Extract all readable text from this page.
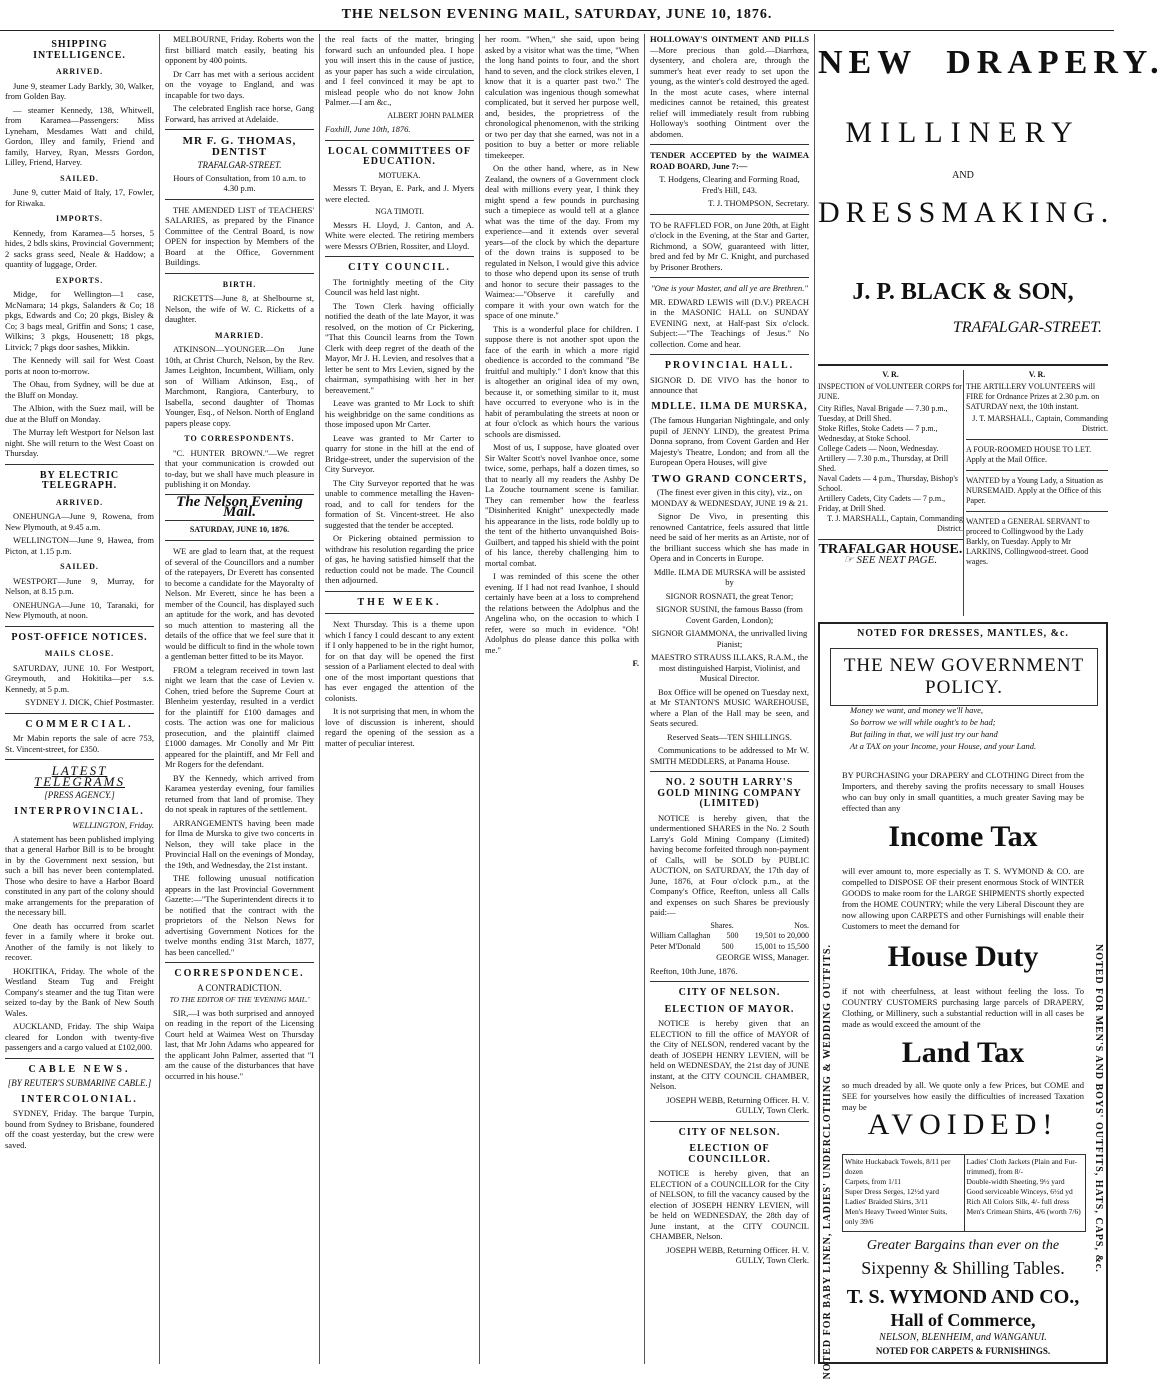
THE NELSON EVENING MAIL, SATURDAY, JUNE 10, 1876.
SHIPPING INTELLIGENCE.
ARRIVED.

June 9, steamer Lady Barkly, 30, Walker, from Golden Bay.

— steamer Kennedy, 138, Whitwell, from Karamea—Passengers: Miss Lyneham, Mesdames Watt and child, Gordon, Illey and family, Friend and family, Harvey, Ryan, Messrs Gordon, Lilley, Friend, Harvey.

SAILED.

June 9, cutter Maid of Italy, 17, Fowler, for Riwaka.

IMPORTS.

Kennedy, from Karamea—5 horses, 5 hides, 2 bdls skins, Provincial Government; 2 sacks grass seed, Neale & Haddow; a quantity of luggage, Order.

EXPORTS.

Midge, for Wellington—1 case, McNamara; 14 pkgs, Salanders & Co; 18 pkgs, Edwards and Co; 20 pkgs, Bisley & Co; 3 bags meal, Griffin and Sons; 1 case, Wilkins; 3 pkgs, Housenett; 18 pkgs, Litvick; 7 pkgs door sashes, Mikkin.

The Kennedy will sail for West Coast ports at noon to-morrow.

The Ohau, from Sydney, will be due at the Bluff on Monday.

The Albion, with the Suez mail, will be due at the Bluff on Monday.

The Murray left Westport for Nelson last night. She will return to the West Coast on Thursday.

BY ELECTRIC TELEGRAPH.
ARRIVED.

ONEHUNGA—June 9, Rowena, from New Plymouth, at 9.45 a.m.

WELLINGTON—June 9, Hawea, from Picton, at 1.15 p.m.

SAILED.

WESTPORT—June 9, Murray, for Nelson, at 8.15 p.m.

ONEHUNGA—June 10, Taranaki, for New Plymouth, at noon.

POST-OFFICE NOTICES.
MAILS CLOSE.

SATURDAY, JUNE 10. For Westport, Greymouth, and Hokitika—per s.s. Kennedy, at 5 p.m.

SYDNEY J. DICK, Chief Postmaster.

COMMERCIAL.

Mr Mabin reports the sale of acre 753, St. Vincent-street, for £350.

LATEST TELEGRAMS
[PRESS AGENCY.]
INTERPROVINCIAL.

WELLINGTON, Friday.

A statement has been published implying that a general Harbor Bill is to be brought in by the Government next session, but such a bill has never been contemplated. Those who desire to have a Harbor Board constituted in any part of the colony should make arrangements for the preparation of the necessary bill.

One death has occurred from scarlet fever in a family where it broke out. Another of the family is not likely to recover.

HOKITIKA, Friday. The whole of the Westland Steam Tug and Freight Company's steamer and the tug Titan were seized to-day by the Bank of New South Wales.

AUCKLAND, Friday. The ship Waipa cleared for London with twenty-five passengers and a cargo valued at £102,000.

CABLE NEWS.
[BY REUTER'S SUBMARINE CABLE.]
INTERCOLONIAL.

SYDNEY, Friday. The barque Turpin, bound from Sydney to Brisbane, foundered off the coast yesterday, but the crew were saved.

MELBOURNE, Friday. Roberts won the first billiard match easily, beating his opponent by 400 points.

Dr Carr has met with a serious accident on the voyage to England, and was incapable for two days.

The celebrated English race horse, Gang Forward, has arrived at Adelaide.

MR F. G. THOMAS, DENTIST
TRAFALGAR-STREET.

Hours of Consultation, from 10 a.m. to 4.30 p.m.

THE AMENDED LIST of TEACHERS' SALARIES, as prepared by the Finance Committee of the Central Board, is now OPEN for inspection by Members of the Board at the Office, Government Buildings.

BIRTH.

RICKETTS—June 8, at Shelbourne st, Nelson, the wife of W. C. Ricketts of a daughter.

MARRIED.

ATKINSON—YOUNGER—On June 10th, at Christ Church, Nelson, by the Rev. James Leighton, Incumbent, William, only son of William Atkinson, Esq., of Marchmont, Rangiora, Canterbury, to Isabella, second daughter of Thomas Younger, Esq., of Nelson. North of England papers please copy.

TO CORRESPONDENTS.

"C. HUNTER BROWN."—We regret that your communication is crowded out to-day, but we shall have much pleasure in publishing it on Monday.

The Nelson Evening Mail.
SATURDAY, JUNE 10, 1876.

WE are glad to learn that, at the request of several of the Councillors and a number of the ratepayers, Dr Everett has consented to become a candidate for the Mayoralty of Nelson. Mr Everett, since he has been a member of the Council, has displayed such an aptitude for the work, and has devoted so much attention to mastering all the details of the office that we feel sure that it would be difficult to find in the whole town a gentleman better fitted to be its Mayor.

FROM a telegram received in town last night we learn that the case of Levien v. Cohen, tried before the Supreme Court at Blenheim yesterday, resulted in a verdict for the plaintiff for £100 damages and costs. The action was one for malicious prosecution, and the plaintiff claimed £1000 damages. Mr Conolly and Mr Pitt appeared for the plaintiff, and Mr Fell and Mr Rogers for the defendant.

BY the Kennedy, which arrived from Karamea yesterday evening, four families returned from that land of promise. They do not speak in raptures of the settlement.

ARRANGEMENTS having been made for Ilma de Murska to give two concerts in Nelson, they will take place in the Provincial Hall on the evenings of Monday, the 19th, and Wednesday, the 21st instant.

THE following unusual notification appears in the last Provincial Government Gazette:—"The Superintendent directs it to be notified that the contract with the proprietors of the Nelson News for advertising Government Notices for the twelve months ending 31st March, 1877, has been cancelled."

CORRESPONDENCE.
A CONTRADICTION.
TO THE EDITOR OF THE 'EVENING MAIL.'

SIR,—I was both surprised and annoyed on reading in the report of the Licensing Court held at Waimea West on Thursday last, that Mr John Adams who appeared for the applicant John Palmer, asserted that "I am the cause of the disturbances that have occurred in his house."

the real facts of the matter, bringing forward such an unfounded plea. I hope you will insert this in the cause of justice, as your paper has such a wide circulation, and I feel convinced it may be apt to mislead people who do not know John Palmer.—I am &c.,

ALBERT JOHN PALMER

Foxhill, June 10th, 1876.

LOCAL COMMITTEES OF EDUCATION.
MOTUEKA.

Messrs T. Bryan, E. Park, and J. Myers were elected.

NGA TIMOTI.

Messrs H. Lloyd, J. Canton, and A. White were elected. The retiring members were Messrs O'Brien, Rossiter, and Lloyd.

CITY COUNCIL.

The fortnightly meeting of the City Council was held last night.

The Town Clerk having officially notified the death of the late Mayor, it was resolved, on the motion of Cr Pickering, "That this Council learns from the Town Clerk with deep regret of the death of the Mayor, Mr J. H. Levien, and resolves that a letter be sent to Mrs Levien, signed by the chairman, sympathising with her in her bereavement."

Leave was granted to Mr Lock to shift his weighbridge on the same conditions as those imposed upon Mr Carter.

Leave was granted to Mr Carter to quarry for stone in the hill at the end of Bridge-street, under the supervision of the City Surveyor.

The City Surveyor reported that he was unable to commence metalling the Haven-road, and to call for tenders for the formation of St. Vincent-street. He also suggested that the tender be accepted.

Or Pickering obtained permission to withdraw his resolution regarding the price of gas, he having satisfied himself that the reduction could not be made. The Council then adjourned.

THE WEEK.

Next Thursday. This is a theme upon which I fancy I could descant to any extent if I only happened to be in the right humor, for on that day will be opened the first session of a Parliament elected to deal with one of the most important questions that has ever engaged the attention of the colonists.

It is not surprising that men, in whom the love of discussion is inherent, should regard the opening of the session as a matter of peculiar interest.

her room. "When," she said, upon being asked by a visitor what was the time, "When the long hand points to four, and the short hand to seven, and the clock strikes eleven, I know that it is a quarter past two." The calculation was ingenious though somewhat complicated, but it served her purpose well, and, besides, the proprietress of the chronological phenomenon, with the striking or two per day that she earned, was not in a position to buy a better or more reliable timekeeper.

On the other hand, where, as in New Zealand, the owners of a Government clock deal with millions every year, I think they might spend a few pounds in purchasing such a timepiece as would tell at a glance what was the time of the day. From my experience—and it extends over several years—of the clock by which the departure of the down trains is supposed to be regulated in Nelson, I would give this advice to those who depend upon its sense of truth and honor to secure their passages to the Waimea:—"Observe it carefully and compare it with your own watch for the space of one minute."

This is a wonderful place for children. I suppose there is not another spot upon the face of the earth in which a more rigid obedience is accorded to the command "Be fruitful and multiply." I don't know that this is altogether an original idea of my own, because it, or something similar to it, must have occurred to everyone who is in the habit of perambulating the streets at noon or at four o'clock as which hours the various schools are dismissed.

Most of us, I suppose, have gloated over Sir Walter Scott's novel Ivanhoe once, some twice, some, perhaps, half a dozen times, so that to nearly all my readers the Ashby De La Zouche tournament scene is familiar. They can remember how the fearless "Disinherited Knight" unexpectedly made his appearance in the lists, rode boldly up to the tent of the hitherto unvanquished Bois-Guilbert, and tapped his shield with the point of his lance, thereby challenging him to mortal combat.

I was reminded of this scene the other evening. If I had not read Ivanhoe, I should certainly have been at a loss to comprehend the relations between the Adolphus and the Angelina who, on the occasion to which I refer, were so much in evidence. "Oh! Adolphus do please dance this polka with me."

F.

HOLLOWAY'S OINTMENT AND PILLS—More precious than gold.—Diarrhœa, dysentery, and cholera are, through the summer's heat ever ready to set upon the young, as the winter's cold destroyed the aged. In the most acute cases, where internal medicines cannot be retained, this greatest relief will immediately result from rubbing Holloway's soothing Ointment over the abdomen.

TENDER ACCEPTED by the WAIMEA ROAD BOARD, June 7:—

T. Hodgens, Clearing and Forming Road, Fred's Hill, £43.

T. J. THOMPSON, Secretary.

TO be RAFFLED FOR, on June 20th, at Eight o'clock in the Evening, at the Star and Garter, Richmond, a SOW, guaranteed with litter, bred and fed by Mr C. Knight, and purchased by Prisoner Brothers.

"One is your Master, and all ye are Brethren."

MR. EDWARD LEWIS will (D.V.) PREACH in the MASONIC HALL on SUNDAY EVENING next, at Half-past Six o'clock. Subject:—"The Teachings of Jesus." No collection. Come and hear.

PROVINCIAL HALL.

SIGNOR D. DE VIVO has the honor to announce that

MDLLE. ILMA DE MURSKA,

(The famous Hungarian Nightingale, and only pupil of JENNY LIND), the greatest Prima Donna soprano, from Covent Garden and Her Majesty's Theatre, London; and from all the European Opera Houses, will give

TWO GRAND CONCERTS,

(The finest ever given in this city), viz., on MONDAY & WEDNESDAY, JUNE 19 & 21.

Signor De Vivo, in presenting this renowned Cantatrice, feels assured that little need be said of her merits as an Artiste, nor of the brilliant success which she has made in Opera and in Concerts in Europe.

Mdlle. ILMA DE MURSKA will be assisted by

SIGNOR ROSNATI, the great Tenor;

SIGNOR SUSINI, the famous Basso (from Covent Garden, London);

SIGNOR GIAMMONA, the unrivalled living Pianist;

MAESTRO STRAUSS ILLAKS, R.A.M., the most distinguished Harpist, Violinist, and Musical Director.

Box Office will be opened on Tuesday next, at Mr STANTON'S MUSIC WAREHOUSE, where a Plan of the Hall may be seen, and Seats secured.

Reserved Seats—TEN SHILLINGS.

Communications to be addressed to Mr W. SMITH MEDDLERS, at Panama House.

NO. 2 SOUTH LARRY'S GOLD MINING COMPANY (LIMITED)

NOTICE is hereby given, that the undermentioned SHARES in the No. 2 South Larry's Gold Mining Company (Limited) having become forfeited through non-payment of Calls, will be SOLD by PUBLIC AUCTION, on SATURDAY, the 17th day of June, 1876, at Four o'clock p.m., at the Company's Office, Reefton, unless all Calls and expenses on such Shares be previously paid:—

Shares.	Nos.
William Callaghan 500 19,501 to 20,000
Peter M'Donald	500	15,001 to 15,500

GEORGE WISS, Manager.

Reefton, 10th June, 1876.

CITY OF NELSON.
ELECTION OF MAYOR.

NOTICE is hereby given that an ELECTION to fill the office of MAYOR of the City of NELSON, rendered vacant by the death of JOSEPH HENRY LEVIEN, will be held on WEDNESDAY, the 21st day of JUNE instant, at the CITY COUNCIL CHAMBER, Nelson.

JOSEPH WEBB, Returning Officer. H. V. GULLY, Town Clerk.

CITY OF NELSON.
ELECTION OF COUNCILLOR.

NOTICE is hereby given, that an ELECTION of a COUNCILLOR for the City of NELSON, to fill the vacancy caused by the election of JOSEPH HENRY LEVIEN, will be held on WEDNESDAY, the 28th day of June instant, at the CITY COUNCIL CHAMBER, Nelson.

JOSEPH WEBB, Returning Officer. H. V. GULLY, Town Clerk.

NEW DRAPERY.
MILLINERY
AND
DRESSMAKING.
J. P. BLACK & SON,
TRAFALGAR-STREET.
V. R.

INSPECTION of VOLUNTEER CORPS for JUNE.

City Rifles, Naval Brigade — 7.30 p.m., Tuesday, at Drill Shed.
Stoke Rifles, Stoke Cadets — 7 p.m., Wednesday, at Stoke School.
College Cadets — Noon, Wednesday.
Artillery — 7.30 p.m., Thursday, at Drill Shed.
Naval Cadets — 4 p.m., Thursday, Bishop's School.
Artillery Cadets, City Cadets — 7 p.m., Friday, at Drill Shed.
T. J. MARSHALL, Captain, Commanding District.
TRAFALGAR HOUSE.
☞ SEE NEXT PAGE.
V. R.

THE ARTILLERY VOLUNTEERS will FIRE for Ordnance Prizes at 2.30 p.m. on SATURDAY next, the 10th instant.

J. T. MARSHALL, Captain, Commanding District.

A FOUR-ROOMED HOUSE TO LET. Apply at the Mail Office.

WANTED by a Young Lady, a Situation as NURSEMAID. Apply at the Office of this Paper.

WANTED a GENERAL SERVANT to proceed to Collingwood by the Lady Barkly, on Tuesday. Apply to Mr LARKINS, Collingwood-street. Good wages.

NOTED FOR BABY LINEN, LADIES' UNDERCLOTHING & WEDDING OUTFITS.	NOTED FOR MEN'S AND BOYS' OUTFITS, HATS, CAPS, &c.
NOTED FOR DRESSES, MANTLES, &c.
THE NEW GOVERNMENT POLICY.
Money we want, and money we'll have,
So borrow we will while ought's to be had;
But failing in that, we will just try our hand
At a TAX on your Income, your House, and your Land.
BY PURCHASING your DRAPERY and CLOTHING Direct from the Importers, and thereby saving the profits necessary to small Houses who can buy only in small quantities, a much greater Saving may be effected than any
Income Tax
will ever amount to, more especially as T. S. WYMOND & CO. are compelled to DISPOSE OF their present enormous Stock of WINTER GOODS to make room for the LARGE SHIPMENTS shortly expected from the HOME COUNTRY; while the very Liberal Discount they are now allowing upon CARPETS and other Furnishings will enable their Customers to meet the demand for
House Duty
if not with cheerfulness, at least without feeling the loss. To COUNTRY CUSTOMERS purchasing large parcels of DRAPERY, Clothing, or Millinery, such a substantial reduction will in all cases be made as would exceed the amount of the
Land Tax
so much dreaded by all. We quote only a few Prices, but COME and SEE for yourselves how easily the difficulties of increased Taxation may be
AVOIDED!
White Huckaback Towels, 8/11 per dozen
Carpets, from 1/11
Super Dress Serges, 12½d yard
Ladies' Braided Skirts, 3/11
Men's Heavy Tweed Winter Suits, only 39/6
Ladies' Cloth Jackets (Plain and Fur-trimmed), from 8/-
Double-width Sheeting, 9½ yard
Good serviceable Winceys, 6½d yd
Rich All Colors Silk, 4/- full dress
Men's Crimean Shirts, 4/6 (worth 7/6)
Greater Bargains than ever on the
Sixpenny & Shilling Tables.
T. S. WYMOND AND CO.,
Hall of Commerce,
NELSON, BLENHEIM, and WANGANUI.
NOTED FOR CARPETS & FURNISHINGS.
